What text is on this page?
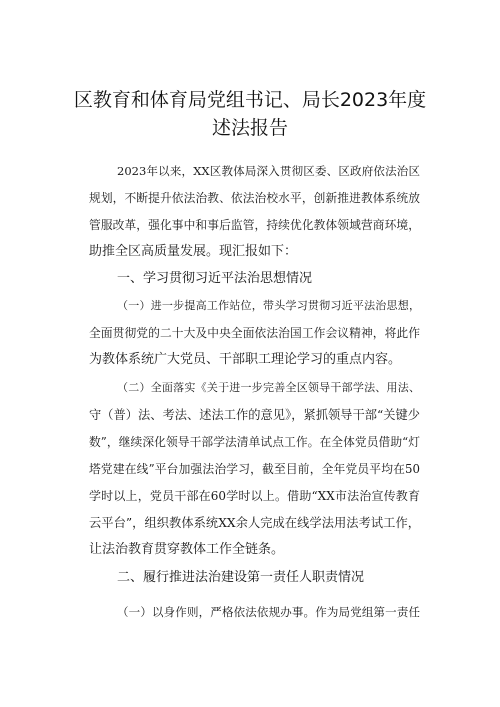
区教育和体育局党组书记、局长2023年度
述法报告
2023年以来，XX区教体局深入贯彻区委、区政府依法治区
规划，不断提升依法治教、依法治校水平，创新推进教体系统放
管服改革，强化事中和事后监管，持续优化教体领域营商环境，
助推全区高质量发展。现汇报如下：
一、学习贯彻习近平法治思想情况
（一）进一步提高工作站位，带头学习贯彻习近平法治思想，
全面贯彻党的二十大及中央全面依法治国工作会议精神，将此作
为教体系统广大党员、干部职工理论学习的重点内容。
（二）全面落实《关于进一步完善全区领导干部学法、用法、
守（普）法、考法、述法工作的意见》，紧抓领导干部“关键少
数”，继续深化领导干部学法清单试点工作。在全体党员借助“灯
塔党建在线”平台加强法治学习，截至目前，全年党员平均在50
学时以上，党员干部在60学时以上。借助“XX市法治宣传教育
云平台”，组织教体系统XX余人完成在线学法用法考试工作，
让法治教育贯穿教体工作全链条。
二、履行推进法治建设第一责任人职责情况
（一）以身作则，严格依法依规办事。作为局党组第一责任
